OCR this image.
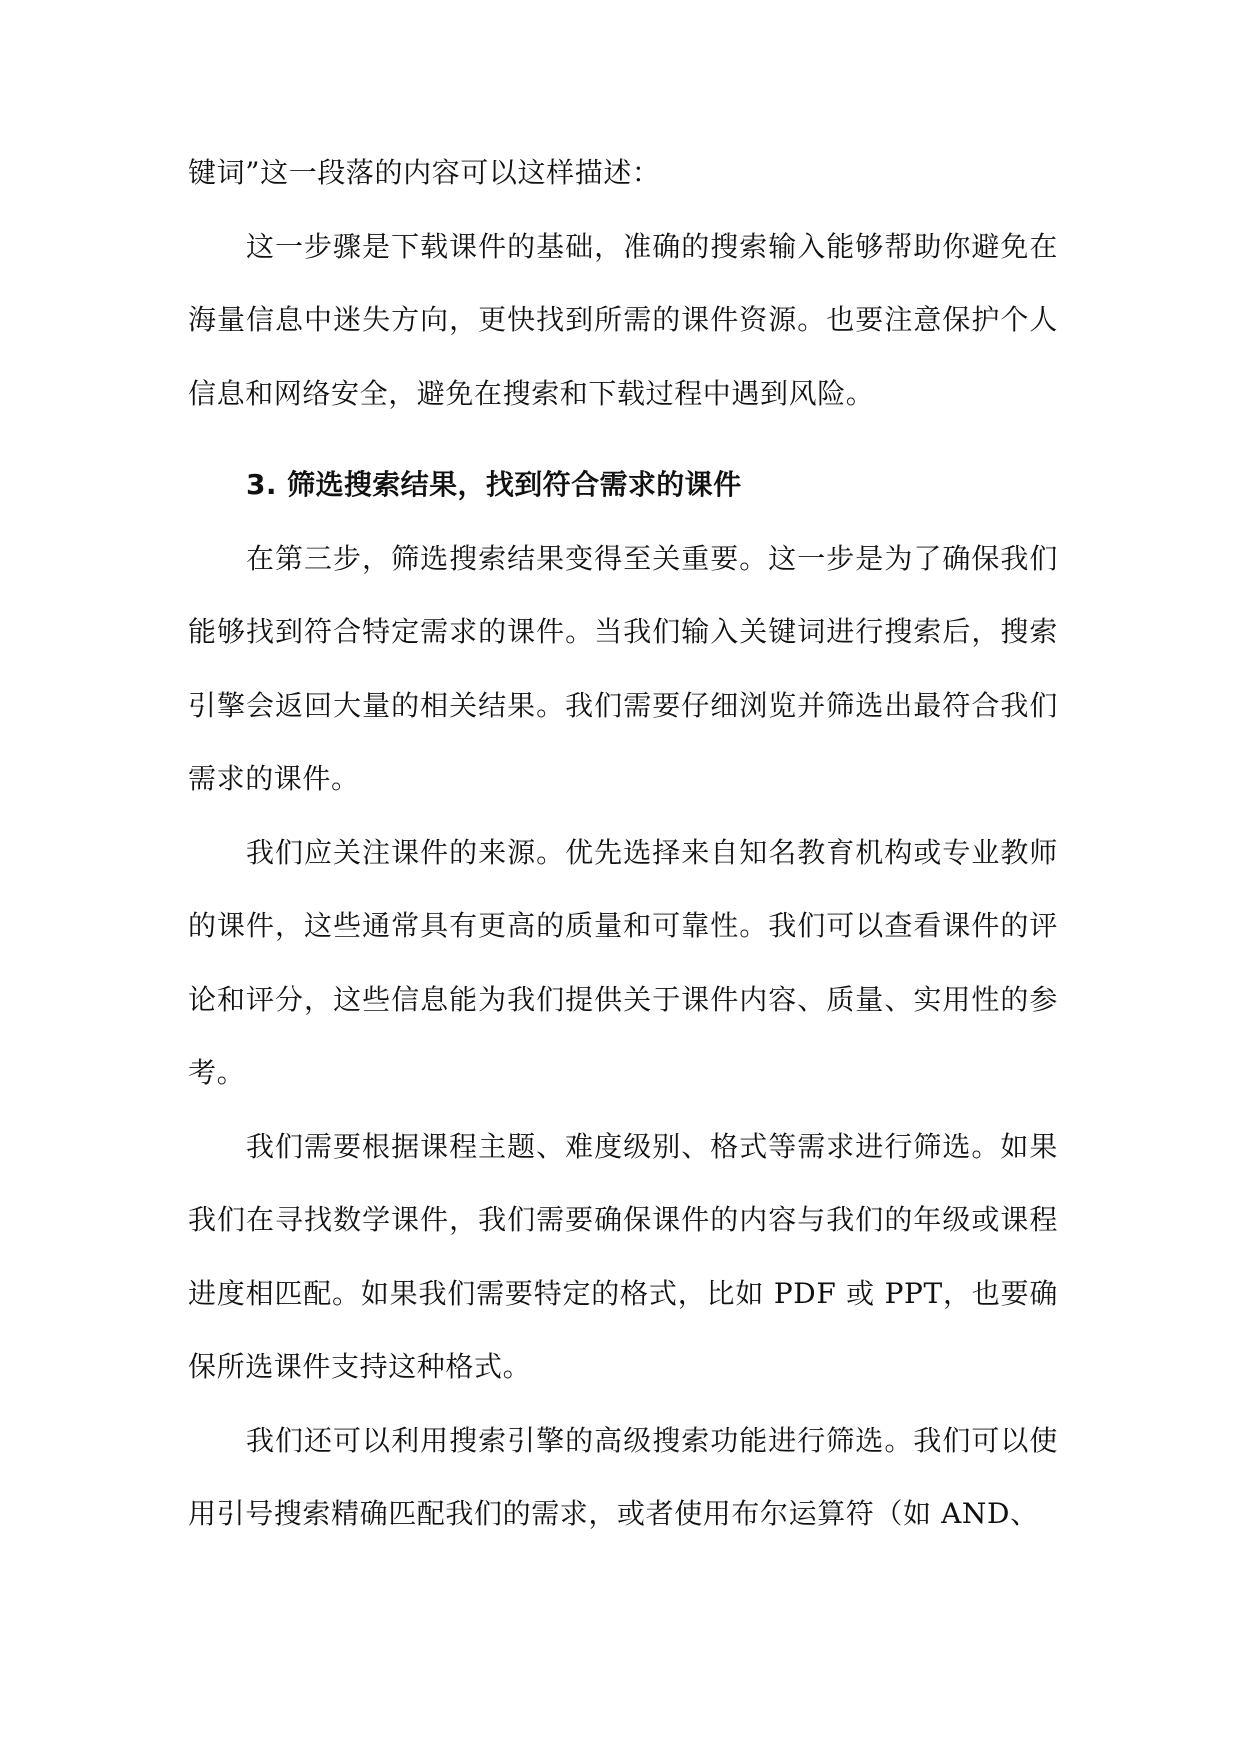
键词”这一段落的内容可以这样描述：

这一步骤是下载课件的基础，准确的搜索输入能够帮助你避免在海量信息中迷失方向，更快找到所需的课件资源。也要注意保护个人信息和网络安全，避免在搜索和下载过程中遇到风险。

3. 筛选搜索结果，找到符合需求的课件

在第三步，筛选搜索结果变得至关重要。这一步是为了确保我们能够找到符合特定需求的课件。当我们输入关键词进行搜索后，搜索引擎会返回大量的相关结果。我们需要仔细浏览并筛选出最符合我们需求的课件。

我们应关注课件的来源。优先选择来自知名教育机构或专业教师的课件，这些通常具有更高的质量和可靠性。我们可以查看课件的评论和评分，这些信息能为我们提供关于课件内容、质量、实用性的参考。

我们需要根据课程主题、难度级别、格式等需求进行筛选。如果我们在寻找数学课件，我们需要确保课件的内容与我们的年级或课程进度相匹配。如果我们需要特定的格式，比如 PDF 或 PPT，也要确保所选课件支持这种格式。

我们还可以利用搜索引擎的高级搜索功能进行筛选。我们可以使用引号搜索精确匹配我们的需求，或者使用布尔运算符（如 AND、
